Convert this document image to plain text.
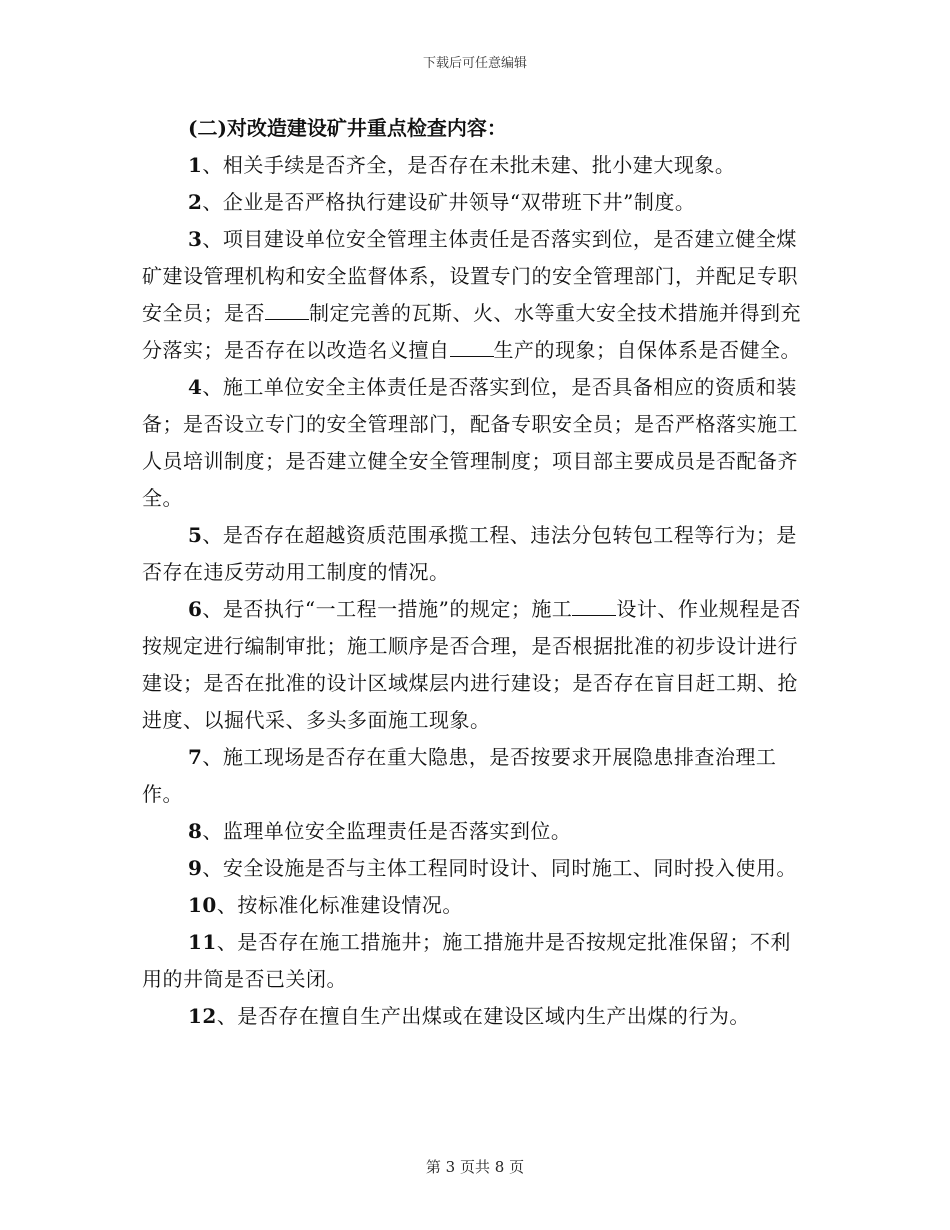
下载后可任意编辑
(二)对改造建设矿井重点检查内容：

1、相关手续是否齐全，是否存在未批未建、批小建大现象。

2、企业是否严格执行建设矿井领导“双带班下井”制度。

3、项目建设单位安全管理主体责任是否落实到位，是否建立健全煤矿建设管理机构和安全监督体系，设置专门的安全管理部门，并配足专职安全员；是否 制定完善的瓦斯、火、水等重大安全技术措施并得到充分落实；是否存在以改造名义擅自 生产的现象；自保体系是否健全。

4、施工单位安全主体责任是否落实到位，是否具备相应的资质和装备；是否设立专门的安全管理部门，配备专职安全员；是否严格落实施工人员培训制度；是否建立健全安全管理制度；项目部主要成员是否配备齐全。

5、是否存在超越资质范围承揽工程、违法分包转包工程等行为；是否存在违反劳动用工制度的情况。

6、是否执行“一工程一措施”的规定；施工 设计、作业规程是否按规定进行编制审批；施工顺序是否合理，是否根据批准的初步设计进行建设；是否在批准的设计区域煤层内进行建设；是否存在盲目赶工期、抢进度、以掘代采、多头多面施工现象。

7、施工现场是否存在重大隐患，是否按要求开展隐患排查治理工作。

8、监理单位安全监理责任是否落实到位。

9、安全设施是否与主体工程同时设计、同时施工、同时投入使用。

10、按标准化标准建设情况。

11、是否存在施工措施井；施工措施井是否按规定批准保留；不利用的井筒是否已关闭。

12、是否存在擅自生产出煤或在建设区域内生产出煤的行为。

第 3 页共 8 页
